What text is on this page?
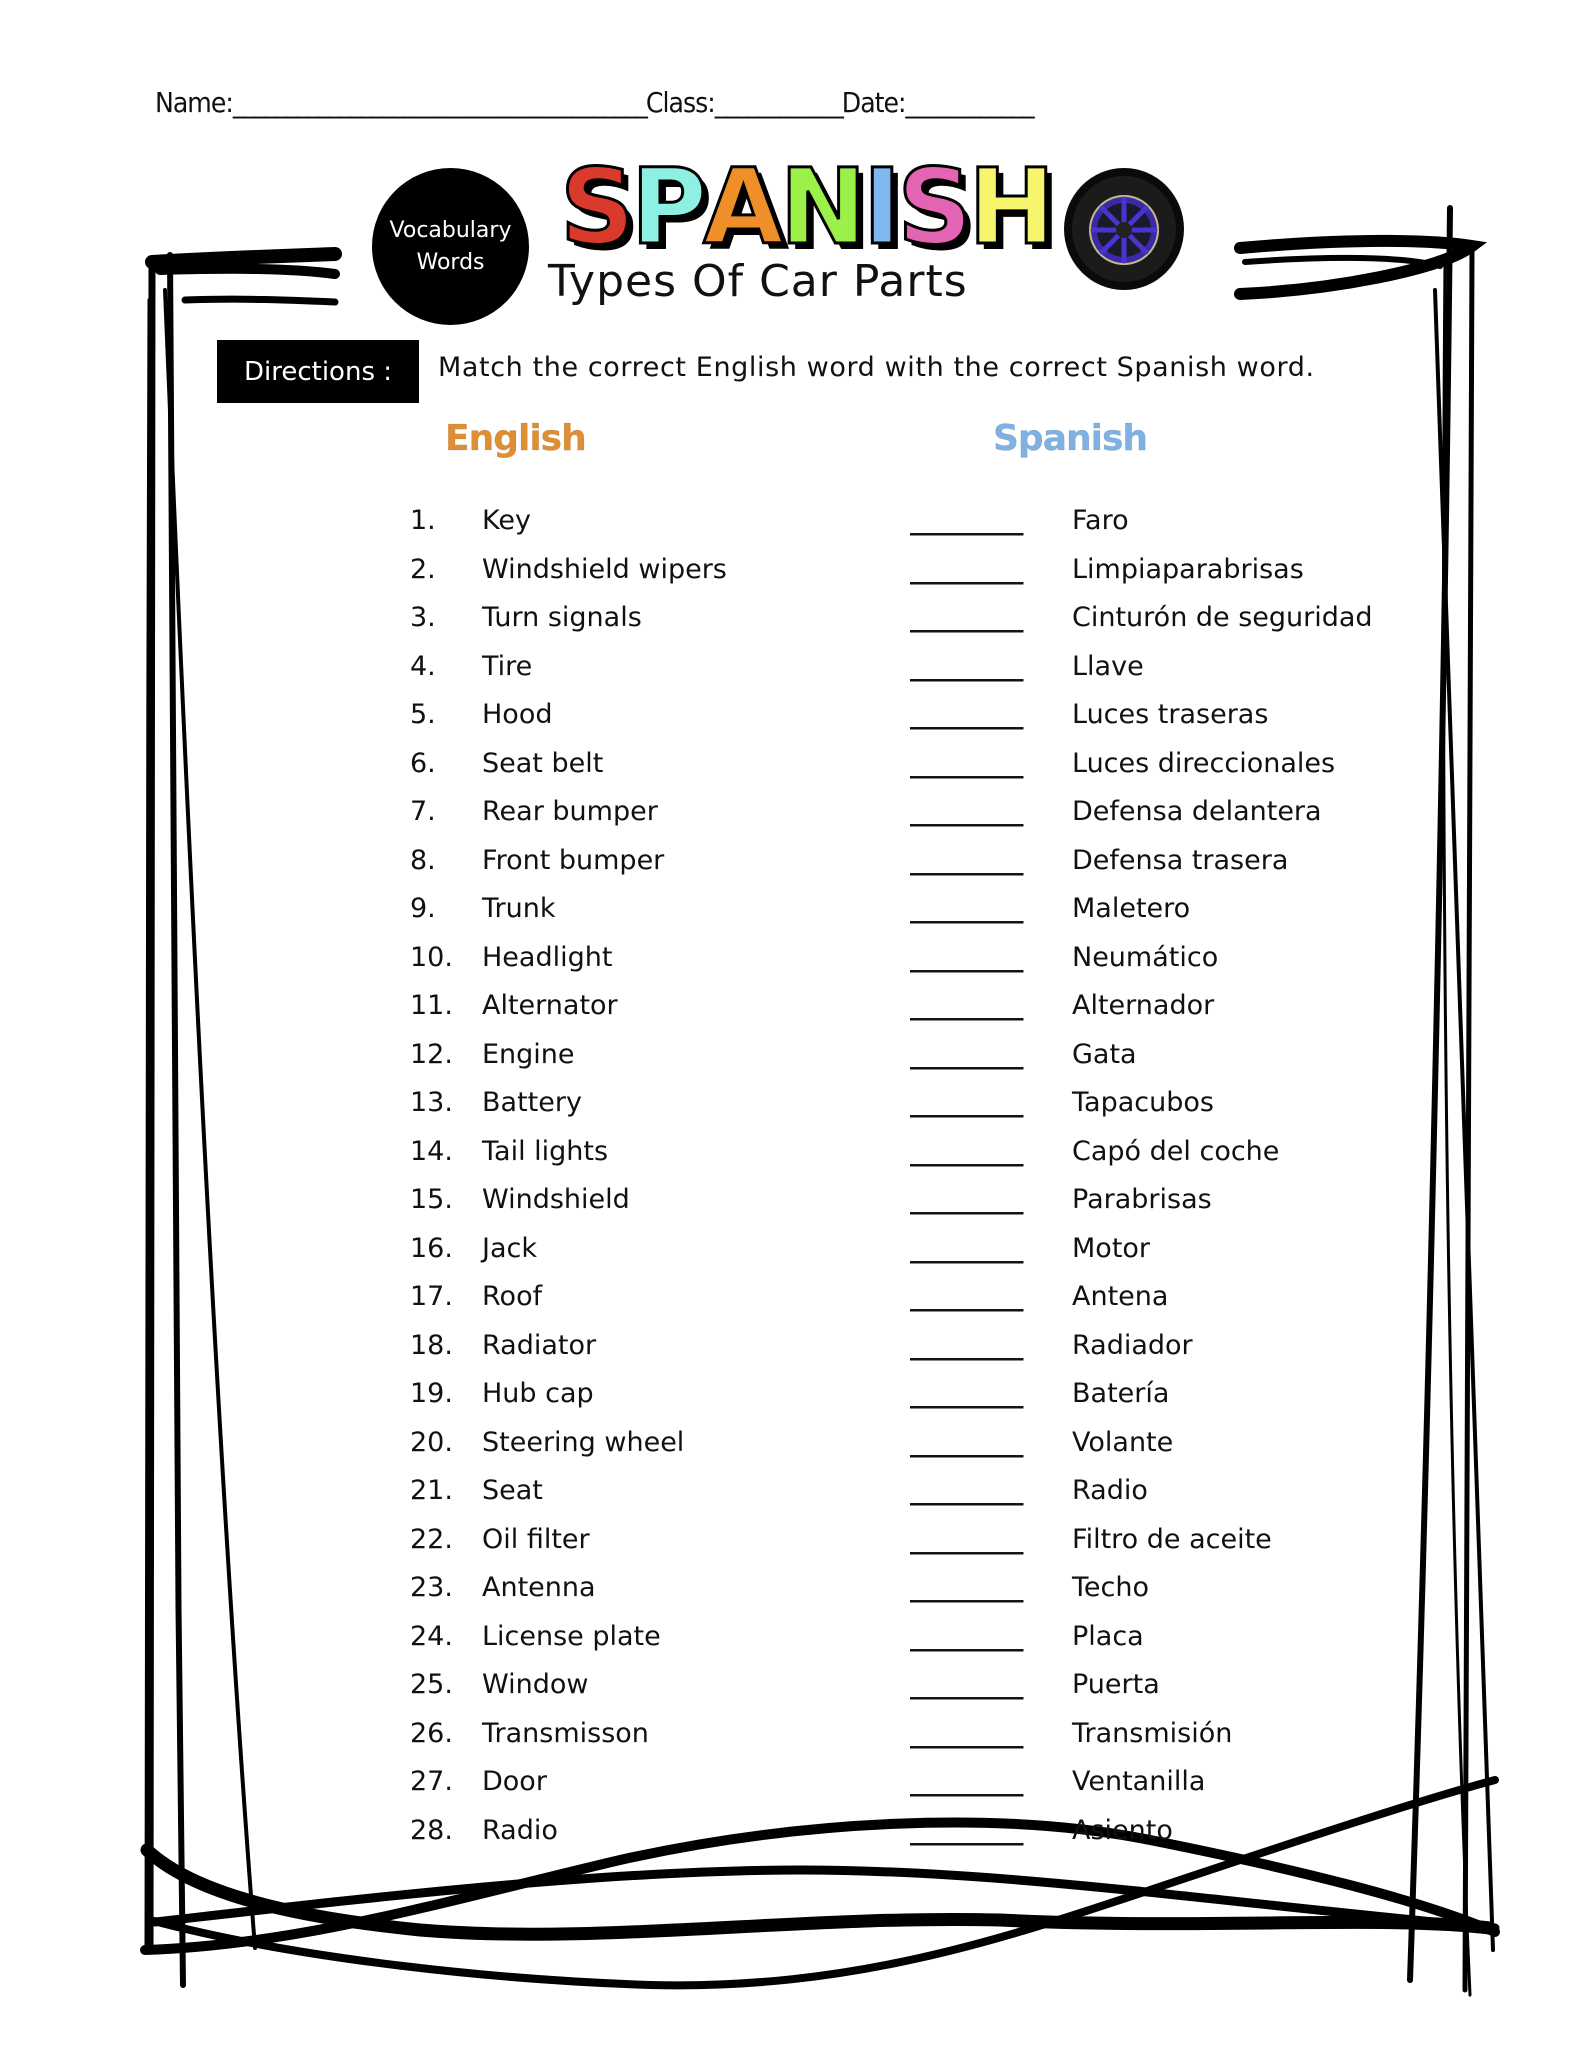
Name:_______________________________________Class:____________Date:____________
Vocabulary
Words S P A N I S H
Types Of Car Parts
Directions :	Match the correct English word with the correct Spanish word.
English	Spanish
1. Key	_________ Faro
2. Windshield wipers	_________ Limpiaparabrisas
3. Turn signals	_________ Cinturón de seguridad
4. Tire	_________ Llave
5. Hood	_________ Luces traseras
6. Seat belt	_________ Luces direccionales
7. Rear bumper	_________ Defensa delantera
8. Front bumper	_________ Defensa trasera
9. Trunk	_________ Maletero
10. Headlight	_________ Neumático
11. Alternator	_________ Alternador
12. Engine	_________ Gata
13. Battery	_________ Tapacubos
14. Tail lights	_________ Capó del coche
15. Windshield	_________ Parabrisas
16. Jack	_________ Motor
17. Roof	_________ Antena
18. Radiator	_________ Radiador
19. Hub cap	_________ Batería
20. Steering wheel	_________ Volante
21. Seat	_________ Radio
22. Oil filter	_________ Filtro de aceite
23. Antenna	_________ Techo
24. License plate	_________ Placa
25. Window	_________ Puerta
26. Transmisson	_________ Transmisión
27. Door	_________ Ventanilla
28. Radio	_________ Asiento
